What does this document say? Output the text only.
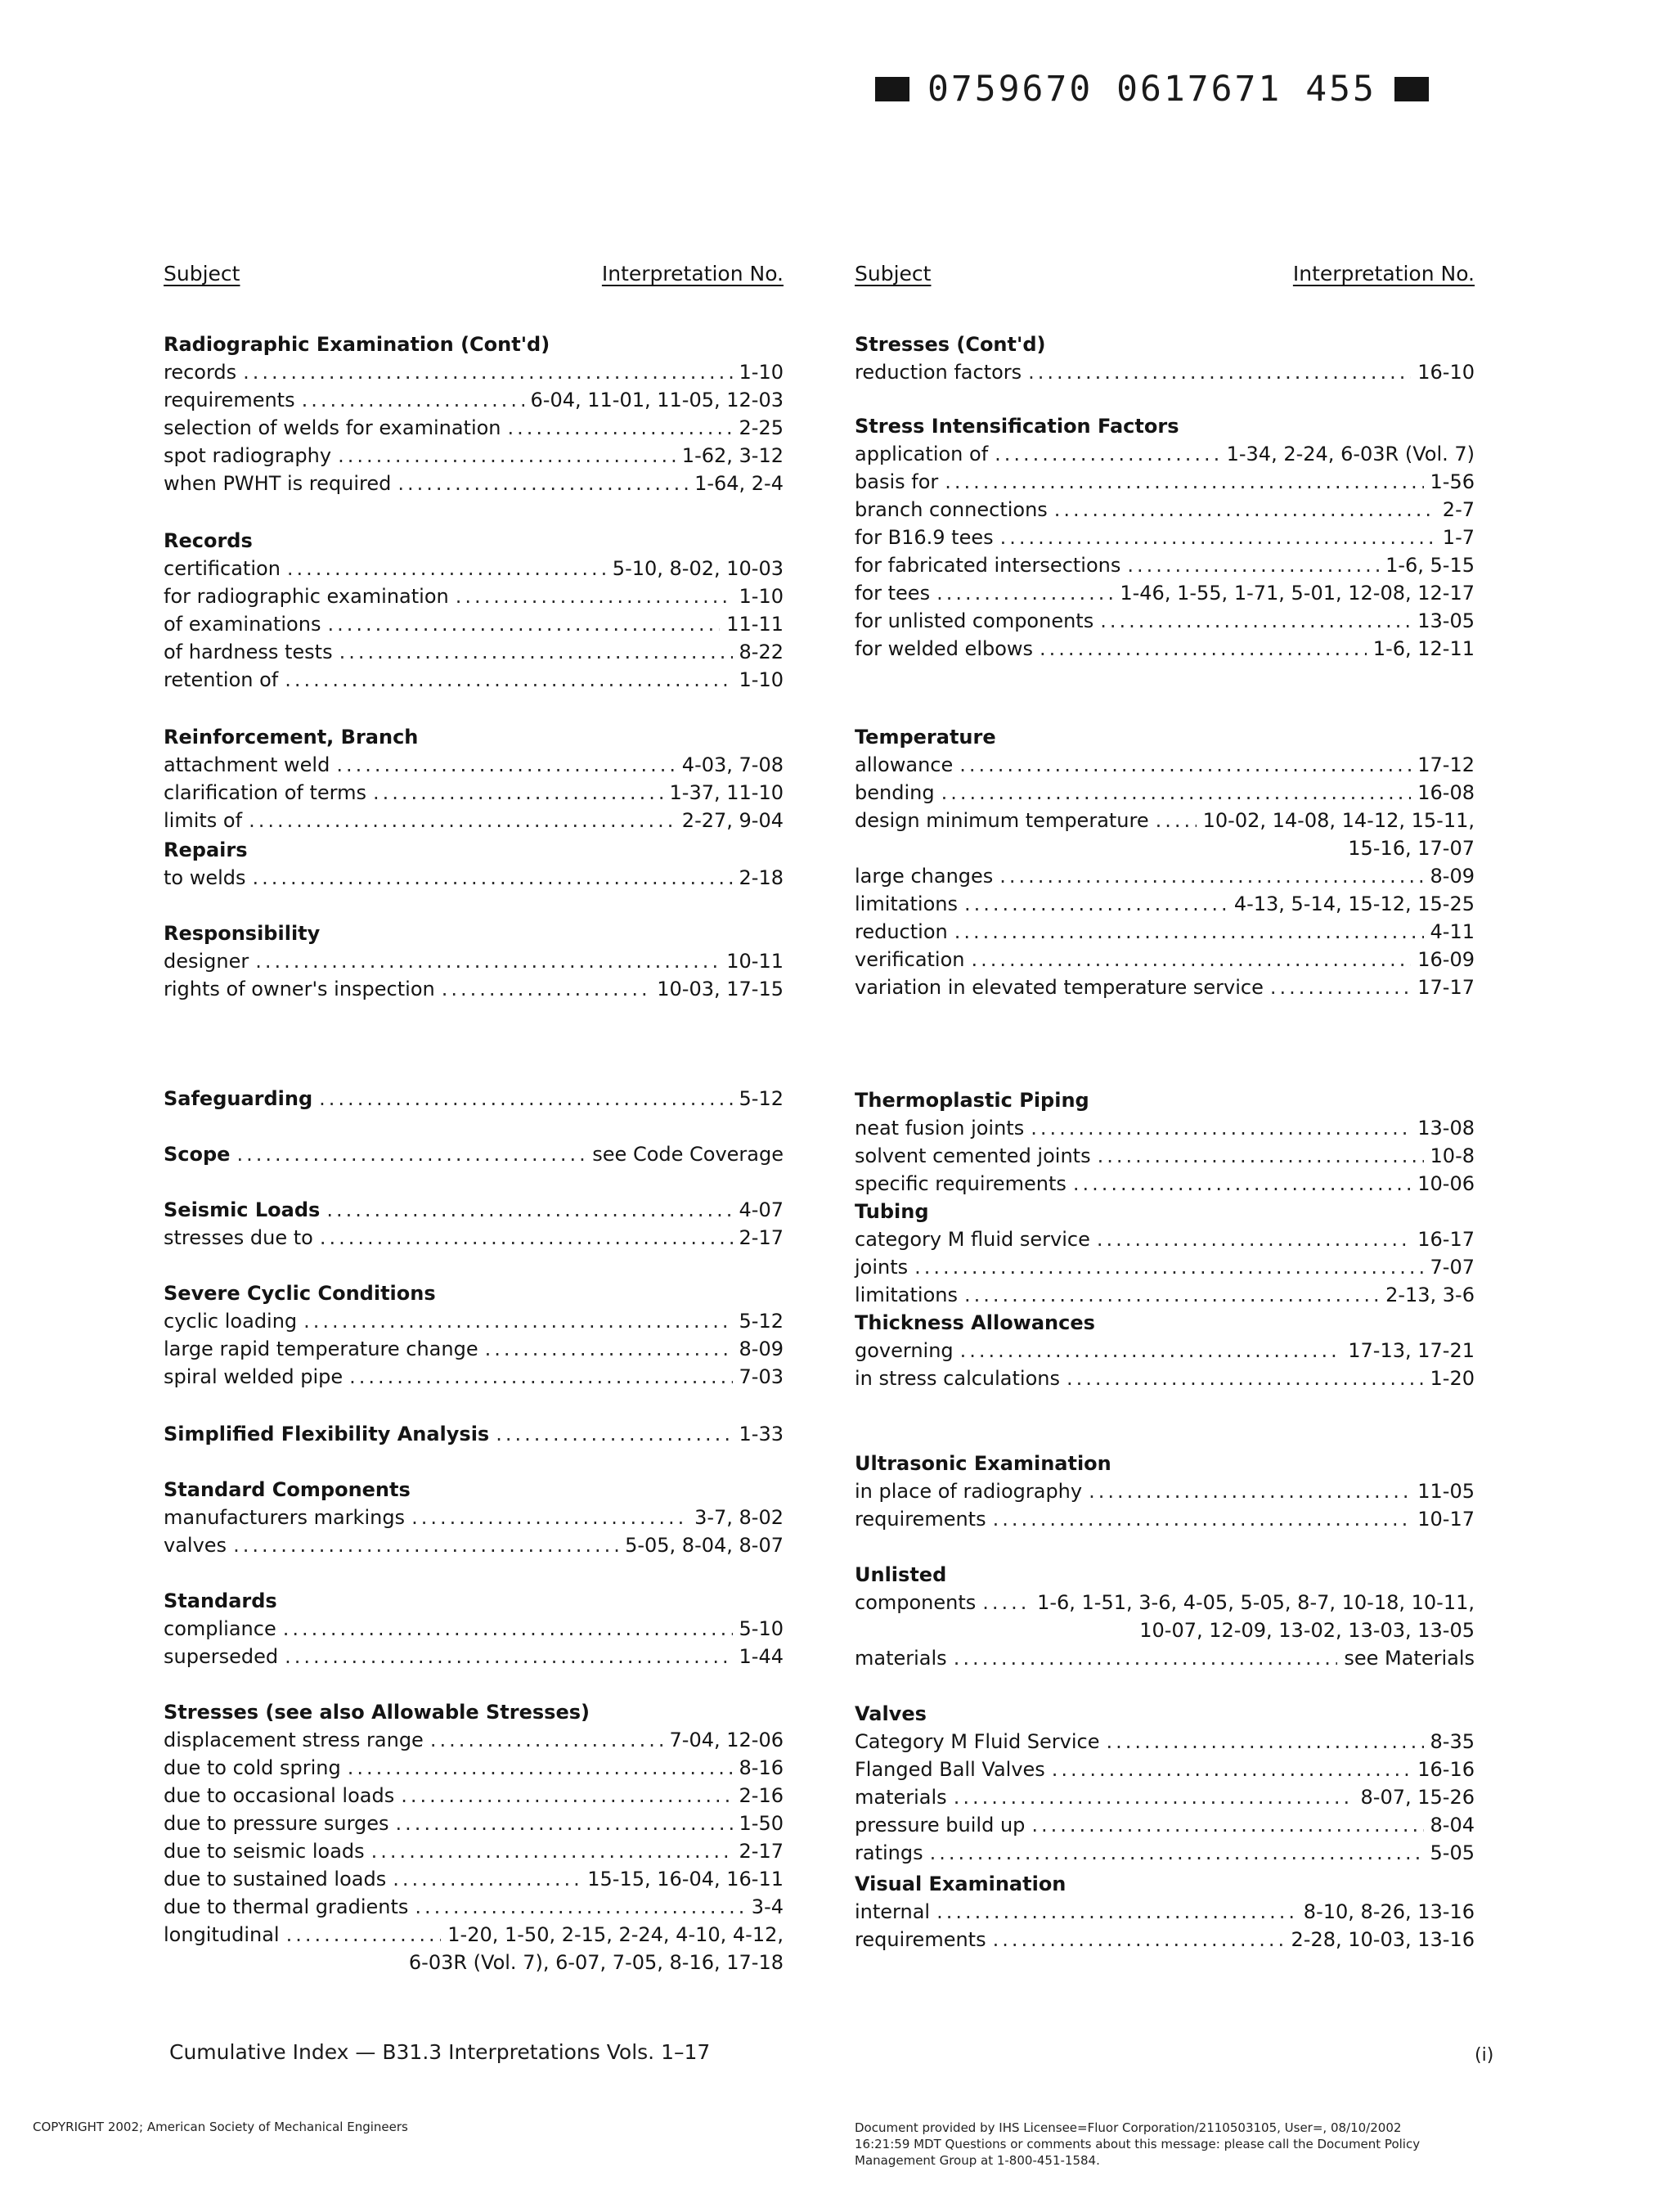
0759670 0617671 455
Subject	Interpretation No.
Radiographic Examination (Cont'd)
records .....	1-10
requirements .....	6-04, 11-01, 11-05, 12-03
selection of welds for examination .....	2-25
spot radiography .....	1-62, 3-12
when PWHT is required .....	1-64, 2-4
Records
certification .....	5-10, 8-02, 10-03
for radiographic examination .....	1-10
of examinations .....	11-11
of hardness tests .....	8-22
retention of .....	1-10
Reinforcement, Branch
attachment weld .....	4-03, 7-08
clarification of terms .....	1-37, 11-10
limits of .....	2-27, 9-04
Repairs
to welds .....	2-18
Responsibility
designer .....	10-11
rights of owner's inspection .....	10-03, 17-15
Safeguarding .....	5-12
Scope .....	see Code Coverage
Seismic Loads .....	4-07
stresses due to .....	2-17
Severe Cyclic Conditions
cyclic loading .....	5-12
large rapid temperature change .....	8-09
spiral welded pipe .....	7-03
Simplified Flexibility Analysis .....	1-33
Standard Components
manufacturers markings .....	3-7, 8-02
valves .....	5-05, 8-04, 8-07
Standards
compliance .....	5-10
superseded .....	1-44
Stresses (see also Allowable Stresses)
displacement stress range .....	7-04, 12-06
due to cold spring .....	8-16
due to occasional loads .....	2-16
due to pressure surges .....	1-50
due to seismic loads .....	2-17
due to sustained loads .....	15-15, 16-04, 16-11
due to thermal gradients .....	3-4
longitudinal .....	1-20, 1-50, 2-15, 2-24, 4-10, 4-12,
6-03R (Vol. 7), 6-07, 7-05, 8-16, 17-18
Subject	Interpretation No.
Stresses (Cont'd)
reduction factors .....	16-10
Stress Intensification Factors
application of .....	1-34, 2-24, 6-03R (Vol. 7)
basis for .....	1-56
branch connections .....	2-7
for B16.9 tees .....	1-7
for fabricated intersections .....	1-6, 5-15
for tees .....	1-46, 1-55, 1-71, 5-01, 12-08, 12-17
for unlisted components .....	13-05
for welded elbows .....	1-6, 12-11
Temperature
allowance .....	17-12
bending .....	16-08
design minimum temperature .....	10-02, 14-08, 14-12, 15-11,
15-16, 17-07
large changes .....	8-09
limitations .....	4-13, 5-14, 15-12, 15-25
reduction .....	4-11
verification .....	16-09
variation in elevated temperature service .....	17-17
Thermoplastic Piping
neat fusion joints .....	13-08
solvent cemented joints .....	10-8
specific requirements .....	10-06
Tubing
category M fluid service .....	16-17
joints .....	7-07
limitations .....	2-13, 3-6
Thickness Allowances
governing .....	17-13, 17-21
in stress calculations .....	1-20
Ultrasonic Examination
in place of radiography .....	11-05
requirements .....	10-17
Unlisted
components .....	1-6, 1-51, 3-6, 4-05, 5-05, 8-7, 10-18, 10-11,
10-07, 12-09, 13-02, 13-03, 13-05
materials .....	see Materials
Valves
Category M Fluid Service .....	8-35
Flanged Ball Valves .....	16-16
materials .....	8-07, 15-26
pressure build up .....	8-04
ratings .....	5-05
Visual Examination
internal .....	8-10, 8-26, 13-16
requirements .....	2-28, 10-03, 13-16
Cumulative Index — B31.3 Interpretations Vols. 1–17	(i)
COPYRIGHT 2002; American Society of Mechanical Engineers	Document provided by IHS Licensee=Fluor Corporation/2110503105, User=, 08/10/2002 16:21:59 MDT Questions or comments about this message: please call the Document Policy Management Group at 1-800-451-1584.
